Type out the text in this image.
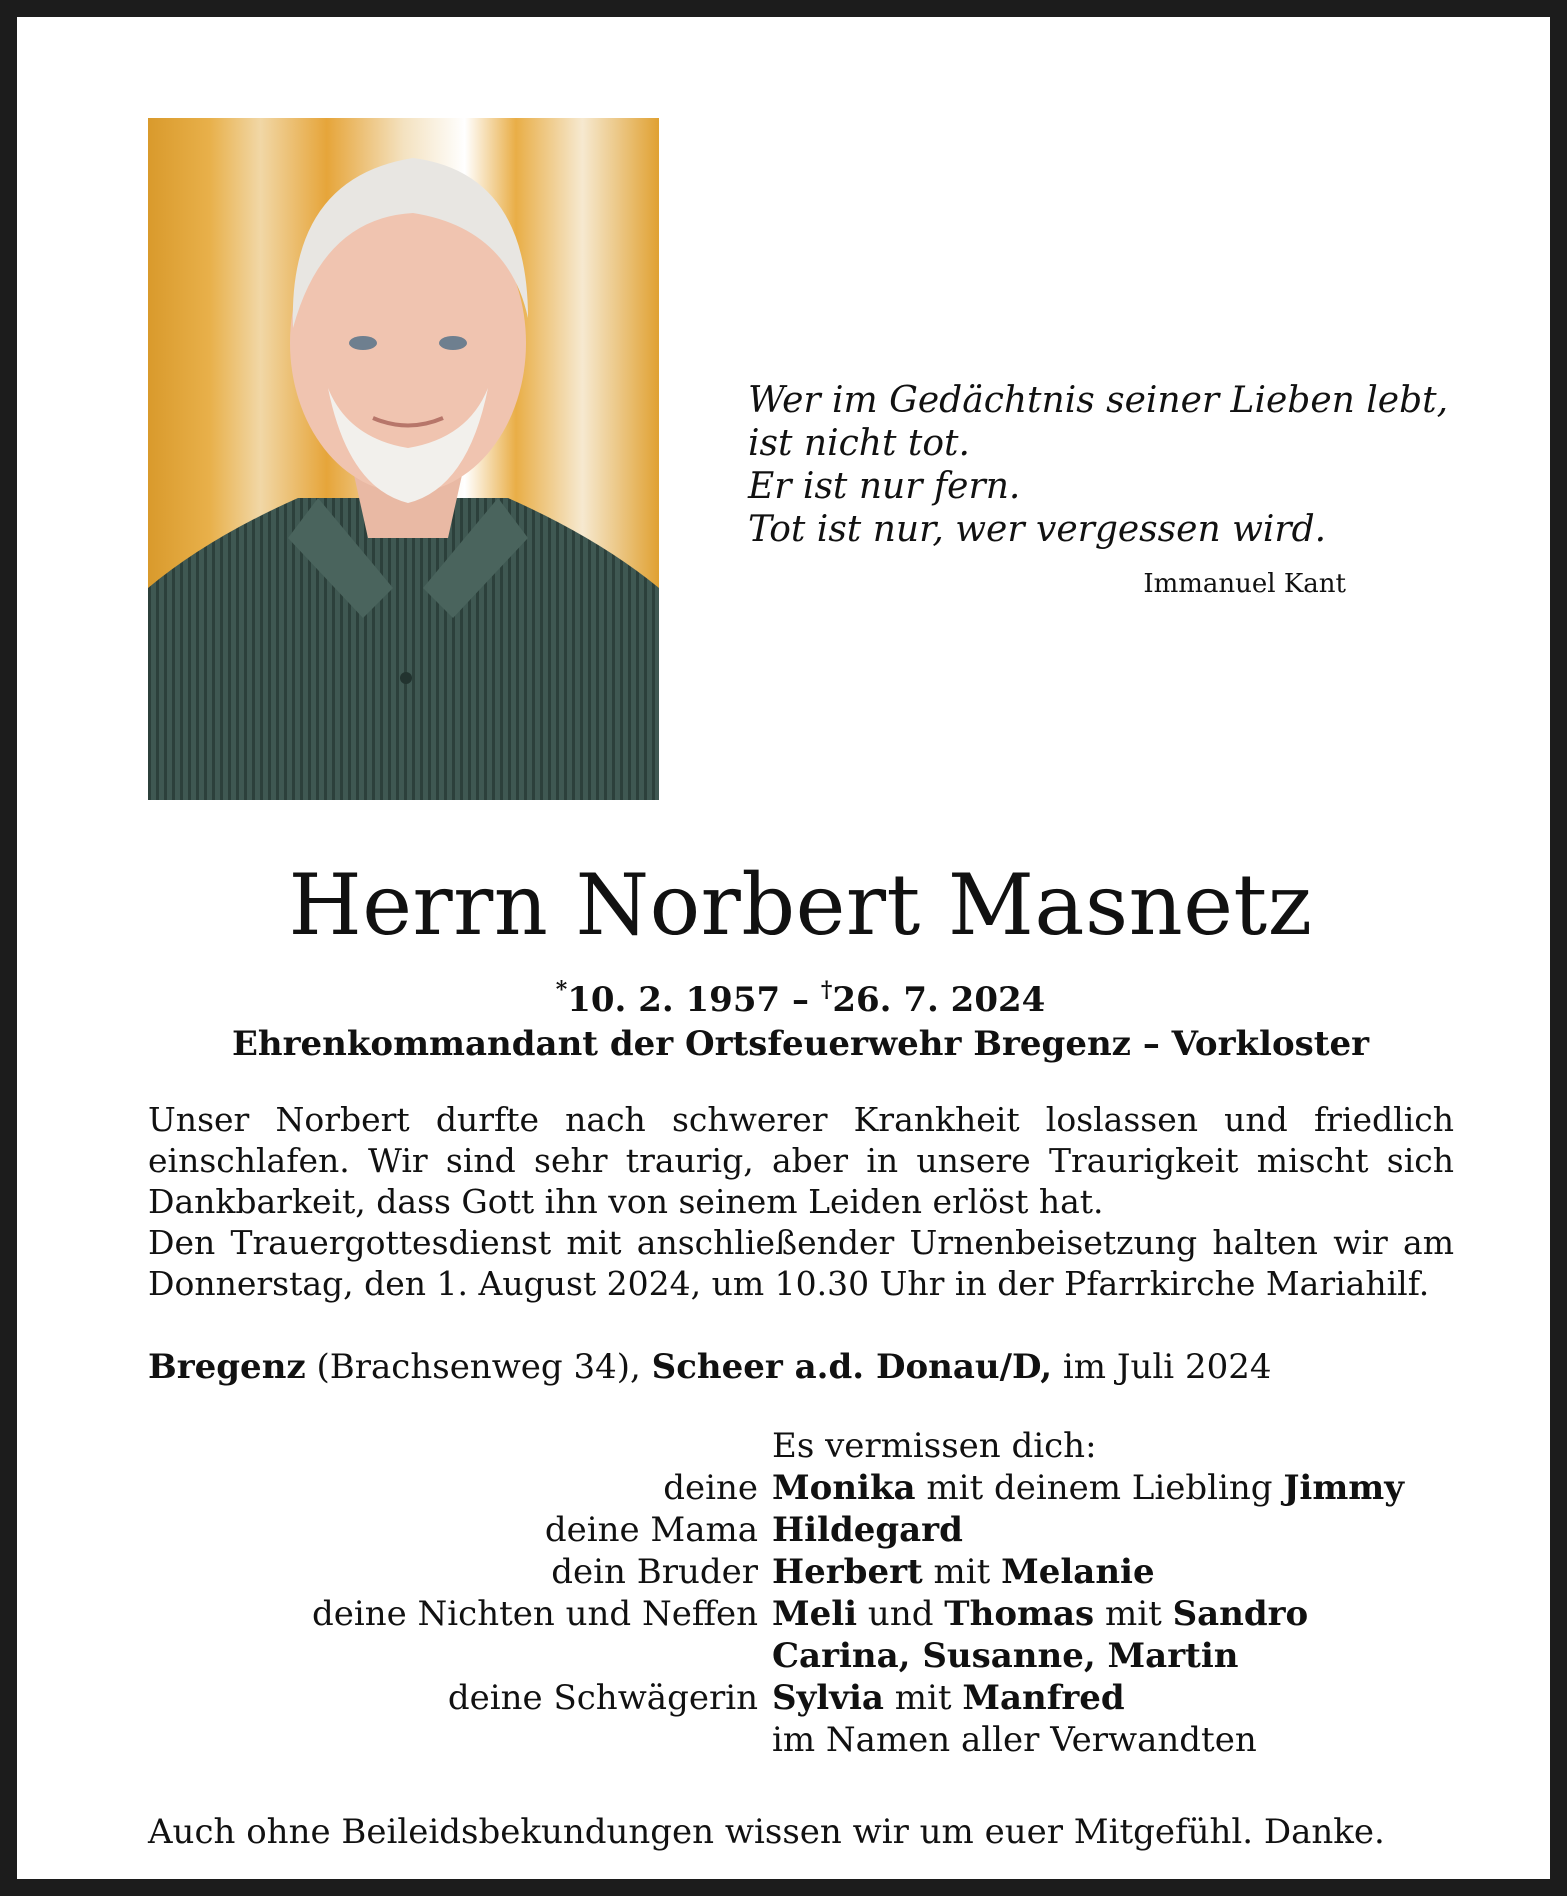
Wer im Gedächtnis seiner Lieben lebt,
ist nicht tot.
Er ist nur fern.
Tot ist nur, wer vergessen wird.
Immanuel Kant
Herrn Norbert Masnetz
*10. 2. 1957 – †26. 7. 2024
Ehrenkommandant der Ortsfeuerwehr Bregenz – Vorkloster

Unser Norbert durfte nach schwerer Krankheit loslassen und friedlich einschlafen. Wir sind sehr traurig, aber in unsere Traurigkeit mischt sich Dankbarkeit, dass Gott ihn von seinem Leiden erlöst hat.

Den Trauergottesdienst mit anschließender Urnenbeisetzung halten wir am Donnerstag, den 1. August 2024, um 10.30 Uhr in der Pfarrkirche Mariahilf.

Bregenz (Brachsenweg 34), Scheer a.d. Donau/D, im Juli 2024
Es vermissen dich:
deine Monika mit deinem Liebling Jimmy
deine Mama Hildegard
dein Bruder Herbert mit Melanie
deine Nichten und Neffen Meli und Thomas mit Sandro
Carina, Susanne, Martin
deine Schwägerin Sylvia mit Manfred
im Namen aller Verwandten
Auch ohne Beileidsbekundungen wissen wir um euer Mitgefühl. Danke.
